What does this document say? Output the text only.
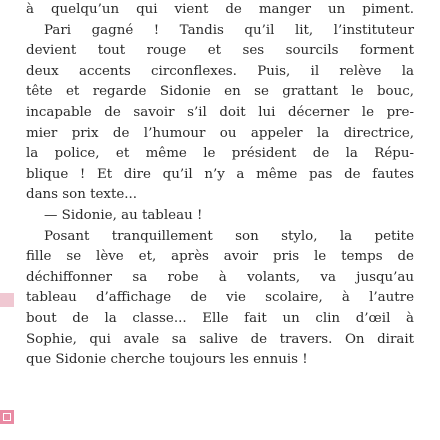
à quelqu’un qui vient de manger un piment.
Pari gagné ! Tandis qu’il lit, l’instituteur
devient tout rouge et ses sourcils forment
deux accents circonflexes. Puis, il relève la
tête et regarde Sidonie en se grattant le bouc,
incapable de savoir s’il doit lui décerner le pre-
mier prix de l’humour ou appeler la directrice,
la police, et même le président de la Répu-
blique ! Et dire qu’il n’y a même pas de fautes
dans son texte...
— Sidonie, au tableau !
Posant tranquillement son stylo, la petite
fille se lève et, après avoir pris le temps de
déchiffonner sa robe à volants, va jusqu’au
tableau d’affichage de vie scolaire, à l’autre
bout de la classe... Elle fait un clin d’œil à
Sophie, qui avale sa salive de travers. On dirait
que Sidonie cherche toujours les ennuis !
